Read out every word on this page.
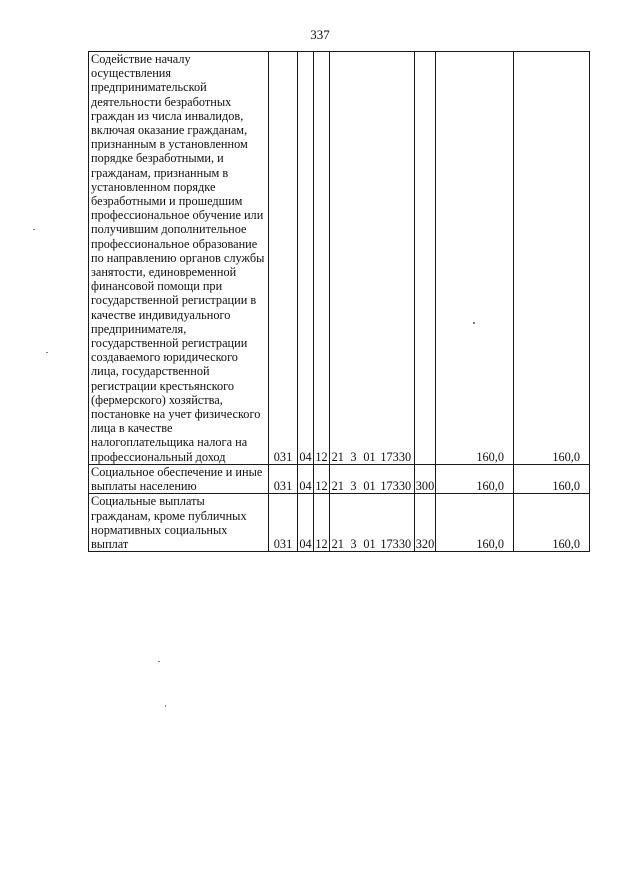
337
Содействие началу осуществления предпринимательской деятельности безработных граждан из числа инвалидов, включая оказание гражданам, признанным в установленном порядке безработными, и гражданам, признанным в установленном порядке безработными и прошедшим профессиональное обучение или получившим дополнительное профессиональное образование по направлению органов службы занятости, единовременной финансовой помощи при государственной регистрации в качестве индивидуального предпринимателя, государственной регистрации создаваемого юридического лица, государственной регистрации крестьянского (фермерского) хозяйства, постановке на учет физического лица в качестве налогоплательщика налога на профессиональный доход	031	04	12	21	3	01	17330		160,0	160,0
Социальное обеспечение и иные выплаты населению	031	04	12	21	3	01	17330	300	160,0	160,0
Социальные выплаты гражданам, кроме публичных нормативных социальных выплат	031	04	12	21	3	01	17330	320	160,0	160,0
